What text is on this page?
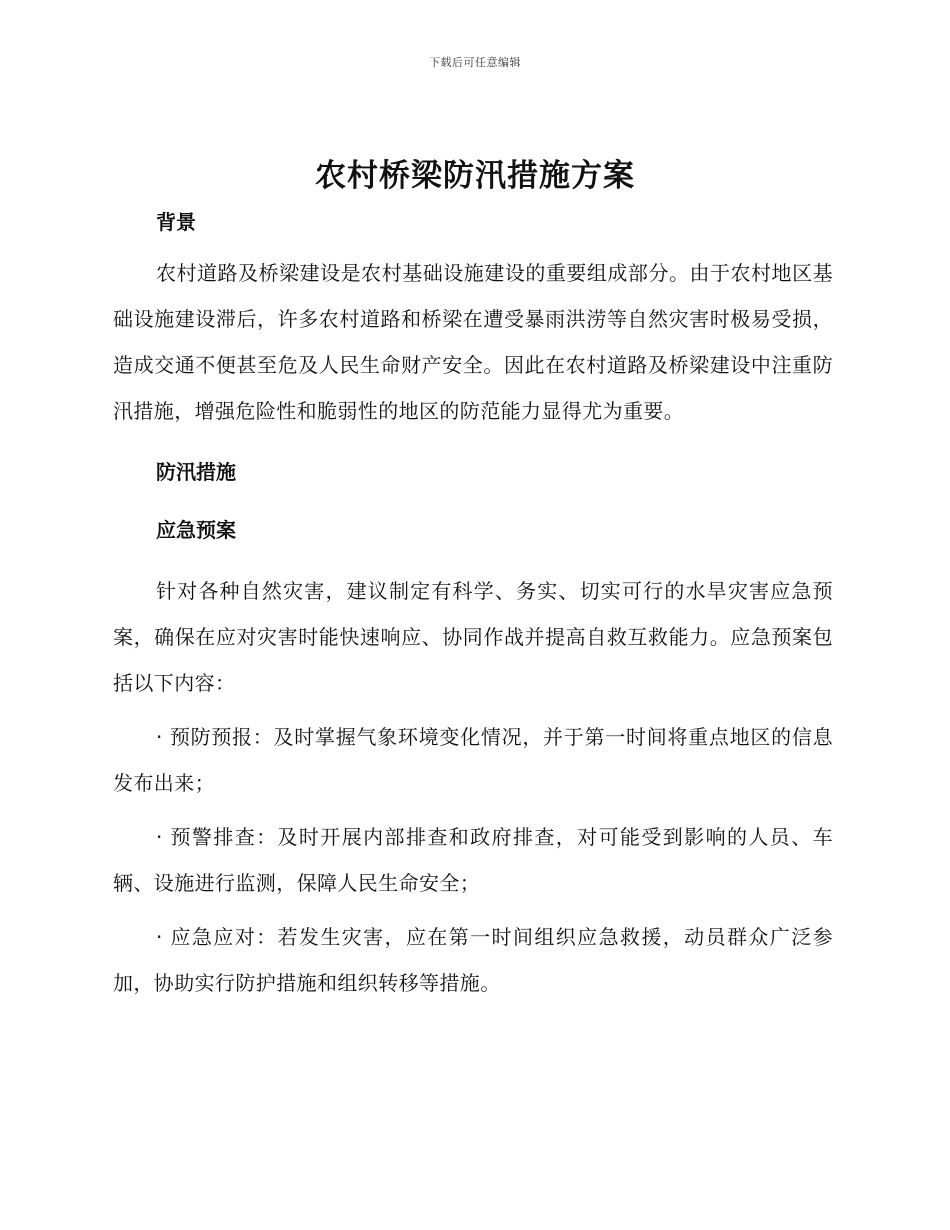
下载后可任意编辑
农村桥梁防汛措施方案
背景

农村道路及桥梁建设是农村基础设施建设的重要组成部分。由于农村地区基础设施建设滞后，许多农村道路和桥梁在遭受暴雨洪涝等自然灾害时极易受损，造成交通不便甚至危及人民生命财产安全。因此在农村道路及桥梁建设中注重防汛措施，增强危险性和脆弱性的地区的防范能力显得尤为重要。

防汛措施
应急预案

针对各种自然灾害，建议制定有科学、务实、切实可行的水旱灾害应急预案，确保在应对灾害时能快速响应、协同作战并提高自救互救能力。应急预案包括以下内容：

· 预防预报：及时掌握气象环境变化情况，并于第一时间将重点地区的信息发布出来；

· 预警排查：及时开展内部排查和政府排查，对可能受到影响的人员、车辆、设施进行监测，保障人民生命安全；

· 应急应对：若发生灾害，应在第一时间组织应急救援，动员群众广泛参加，协助实行防护措施和组织转移等措施。
